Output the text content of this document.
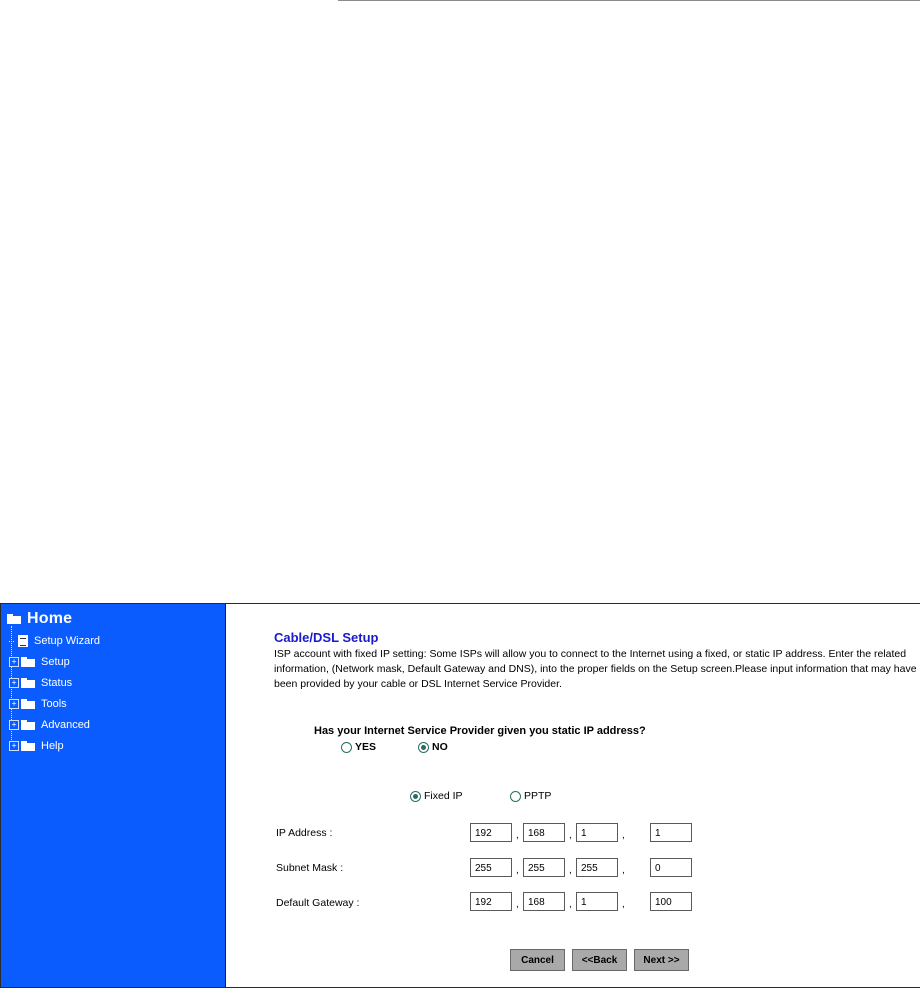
Home
Setup Wizard
+ Setup
+ Status
+ Tools
+ Advanced
+ Help
Cable/DSL Setup
ISP account with fixed IP setting: Some ISPs will allow you to connect to the Internet using a fixed, or static IP address. Enter the related information, (Network mask, Default Gateway and DNS), into the proper fields on the Setup screen.Please input information that may have been provided by your cable or DSL Internet Service Provider.
Has your Internet Service Provider given you static IP address?
YES	NO
Fixed IP	PPTP
IP Address :	192	, 168	, 1	,	1
Subnet Mask :	255	, 255	, 255	,	0
Default Gateway :	192	, 168	, 1	,	100
Cancel	<<Back	Next >>
